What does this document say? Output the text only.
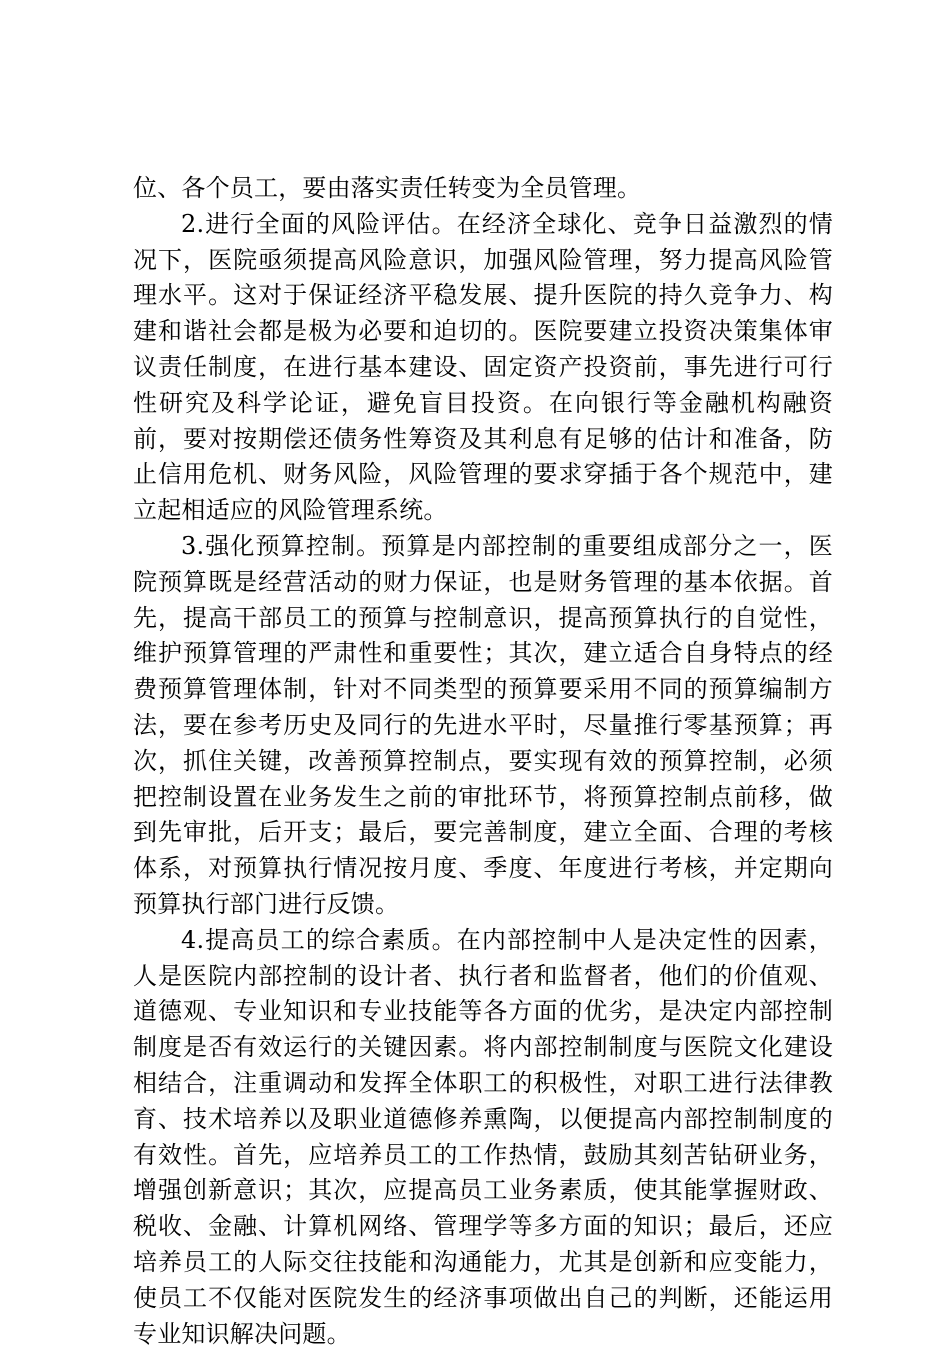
位、各个员工，要由落实责任转变为全员管理。

2.进行全面的风险评估。在经济全球化、竞争日益激烈的情况下，医院亟须提高风险意识，加强风险管理，努力提高风险管理水平。这对于保证经济平稳发展、提升医院的持久竞争力、构建和谐社会都是极为必要和迫切的。医院要建立投资决策集体审议责任制度，在进行基本建设、固定资产投资前，事先进行可行性研究及科学论证，避免盲目投资。在向银行等金融机构融资前，要对按期偿还债务性筹资及其利息有足够的估计和准备，防止信用危机、财务风险，风险管理的要求穿插于各个规范中，建立起相适应的风险管理系统。

3.强化预算控制。预算是内部控制的重要组成部分之一，医院预算既是经营活动的财力保证，也是财务管理的基本依据。首先，提高干部员工的预算与控制意识，提高预算执行的自觉性，维护预算管理的严肃性和重要性；其次，建立适合自身特点的经费预算管理体制，针对不同类型的预算要采用不同的预算编制方法，要在参考历史及同行的先进水平时，尽量推行零基预算；再次，抓住关键，改善预算控制点，要实现有效的预算控制，必须把控制设置在业务发生之前的审批环节，将预算控制点前移，做到先审批，后开支；最后，要完善制度，建立全面、合理的考核体系，对预算执行情况按月度、季度、年度进行考核，并定期向预算执行部门进行反馈。

4.提高员工的综合素质。在内部控制中人是决定性的因素，人是医院内部控制的设计者、执行者和监督者，他们的价值观、道德观、专业知识和专业技能等各方面的优劣，是决定内部控制制度是否有效运行的关键因素。将内部控制制度与医院文化建设相结合，注重调动和发挥全体职工的积极性，对职工进行法律教育、技术培养以及职业道德修养熏陶，以便提高内部控制制度的有效性。首先，应培养员工的工作热情，鼓励其刻苦钻研业务，增强创新意识；其次，应提高员工业务素质，使其能掌握财政、税收、金融、计算机网络、管理学等多方面的知识；最后，还应培养员工的人际交往技能和沟通能力，尤其是创新和应变能力，使员工不仅能对医院发生的经济事项做出自己的判断，还能运用专业知识解决问题。
